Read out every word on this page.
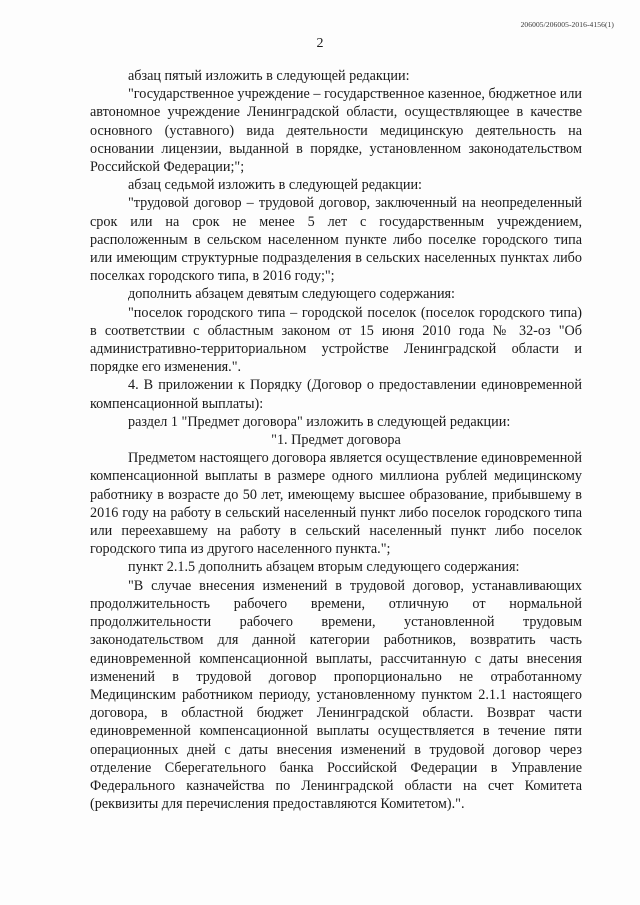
206005/206005-2016-4156(1)
2

абзац пятый изложить в следующей редакции:

"государственное учреждение – государственное казенное, бюджетное или автономное учреждение Ленинградской области, осуществляющее в качестве основного (уставного) вида деятельности медицинскую деятельность на основании лицензии, выданной в порядке, установленном законодательством Российской Федерации;";

абзац седьмой изложить в следующей редакции:

"трудовой договор – трудовой договор, заключенный на неопределенный срок или на срок не менее 5 лет с государственным учреждением, расположенным в сельском населенном пункте либо поселке городского типа или имеющим структурные подразделения в сельских населенных пунктах либо поселках городского типа, в 2016 году;";

дополнить абзацем девятым следующего содержания:

"поселок городского типа – городской поселок (поселок городского типа) в соответствии с областным законом от 15 июня 2010 года № 32-оз "Об административно-территориальном устройстве Ленинградской области и порядке его изменения.".

4. В приложении к Порядку (Договор о предоставлении единовременной компенсационной выплаты):

раздел 1 "Предмет договора" изложить в следующей редакции:

"1. Предмет договора

Предметом настоящего договора является осуществление единовременной компенсационной выплаты в размере одного миллиона рублей медицинскому работнику в возрасте до 50 лет, имеющему высшее образование, прибывшему в 2016 году на работу в сельский населенный пункт либо поселок городского типа или переехавшему на работу в сельский населенный пункт либо поселок городского типа из другого населенного пункта.";

пункт 2.1.5 дополнить абзацем вторым следующего содержания:

"В случае внесения изменений в трудовой договор, устанавливающих продолжительность рабочего времени, отличную от нормальной продолжительности рабочего времени, установленной трудовым законодательством для данной категории работников, возвратить часть единовременной компенсационной выплаты, рассчитанную с даты внесения изменений в трудовой договор пропорционально не отработанному Медицинским работником периоду, установленному пунктом 2.1.1 настоящего договора, в областной бюджет Ленинградской области. Возврат части единовременной компенсационной выплаты осуществляется в течение пяти операционных дней с даты внесения изменений в трудовой договор через отделение Сберегательного банка Российской Федерации в Управление Федерального казначейства по Ленинградской области на счет Комитета (реквизиты для перечисления предоставляются Комитетом).".
